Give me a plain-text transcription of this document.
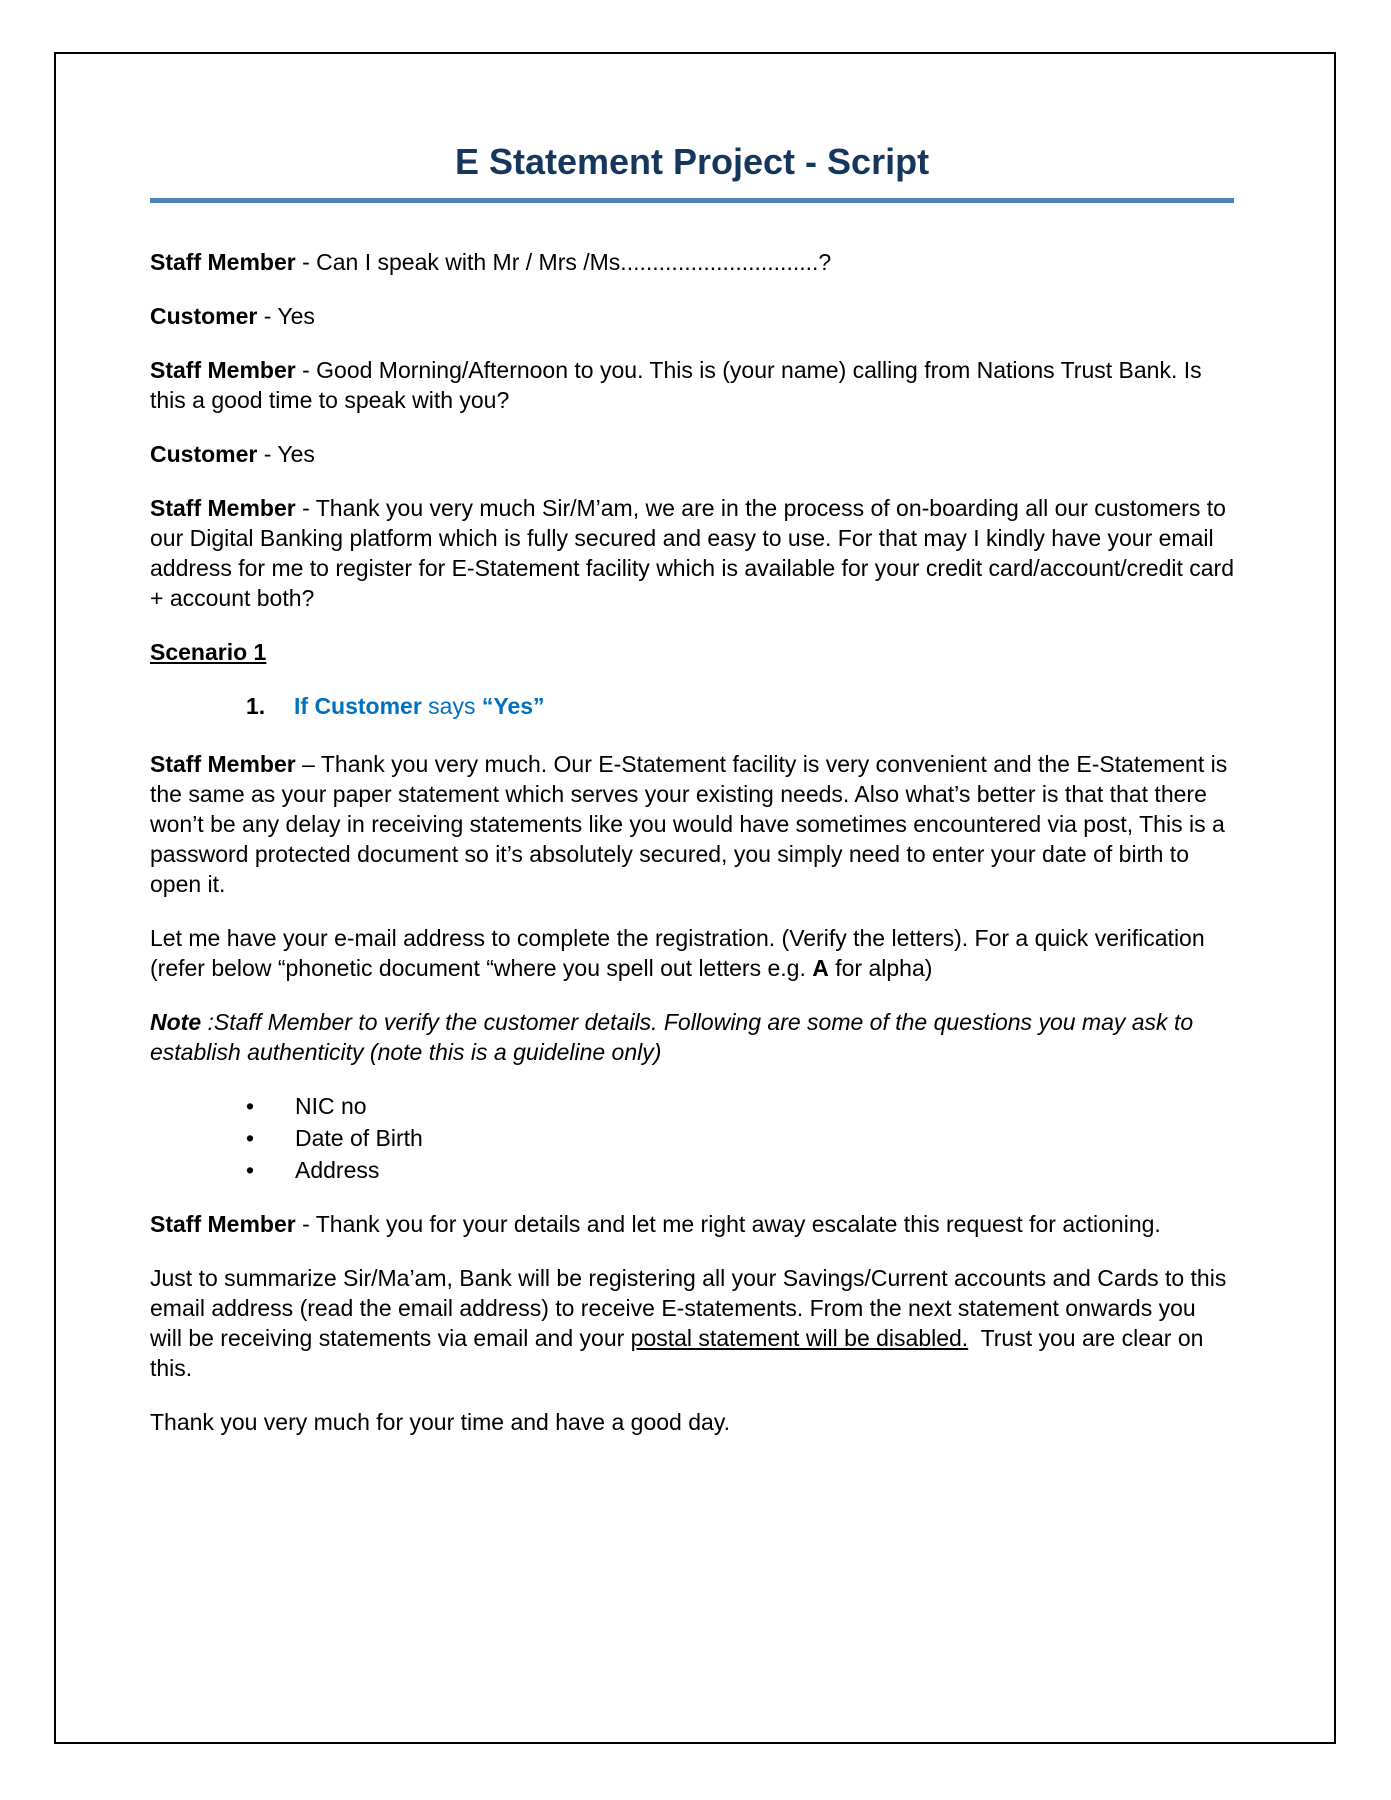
E Statement Project - Script

Staff Member - Can I speak with Mr / Mrs /Ms...............................?

Customer - Yes

Staff Member - Good Morning/Afternoon to you. This is (your name) calling from Nations Trust Bank. Is this a good time to speak with you?

Customer - Yes

Staff Member - Thank you very much Sir/M’am, we are in the process of on-boarding all our customers to our Digital Banking platform which is fully secured and easy to use. For that may I kindly have your email address for me to register for E-Statement facility which is available for your credit card/account/credit card + account both?

Scenario 1

1.	If Customer says “Yes”

Staff Member – Thank you very much. Our E-Statement facility is very convenient and the E-Statement is the same as your paper statement which serves your existing needs. Also what’s better is that that there won’t be any delay in receiving statements like you would have sometimes encountered via post, This is a password protected document so it’s absolutely secured, you simply need to enter your date of birth to open it.

Let me have your e-mail address to complete the registration. (Verify the letters). For a quick verification (refer below “phonetic document “where you spell out letters e.g. A for alpha)

Note :Staff Member to verify the customer details. Following are some of the questions you may ask to establish authenticity (note this is a guideline only)

•	NIC no
•	Date of Birth
•	Address

Staff Member - Thank you for your details and let me right away escalate this request for actioning.

Just to summarize Sir/Ma’am, Bank will be registering all your Savings/Current accounts and Cards to this email address (read the email address) to receive E-statements. From the next statement onwards you will be receiving statements via email and your postal statement will be disabled.  Trust you are clear on this.

Thank you very much for your time and have a good day.
